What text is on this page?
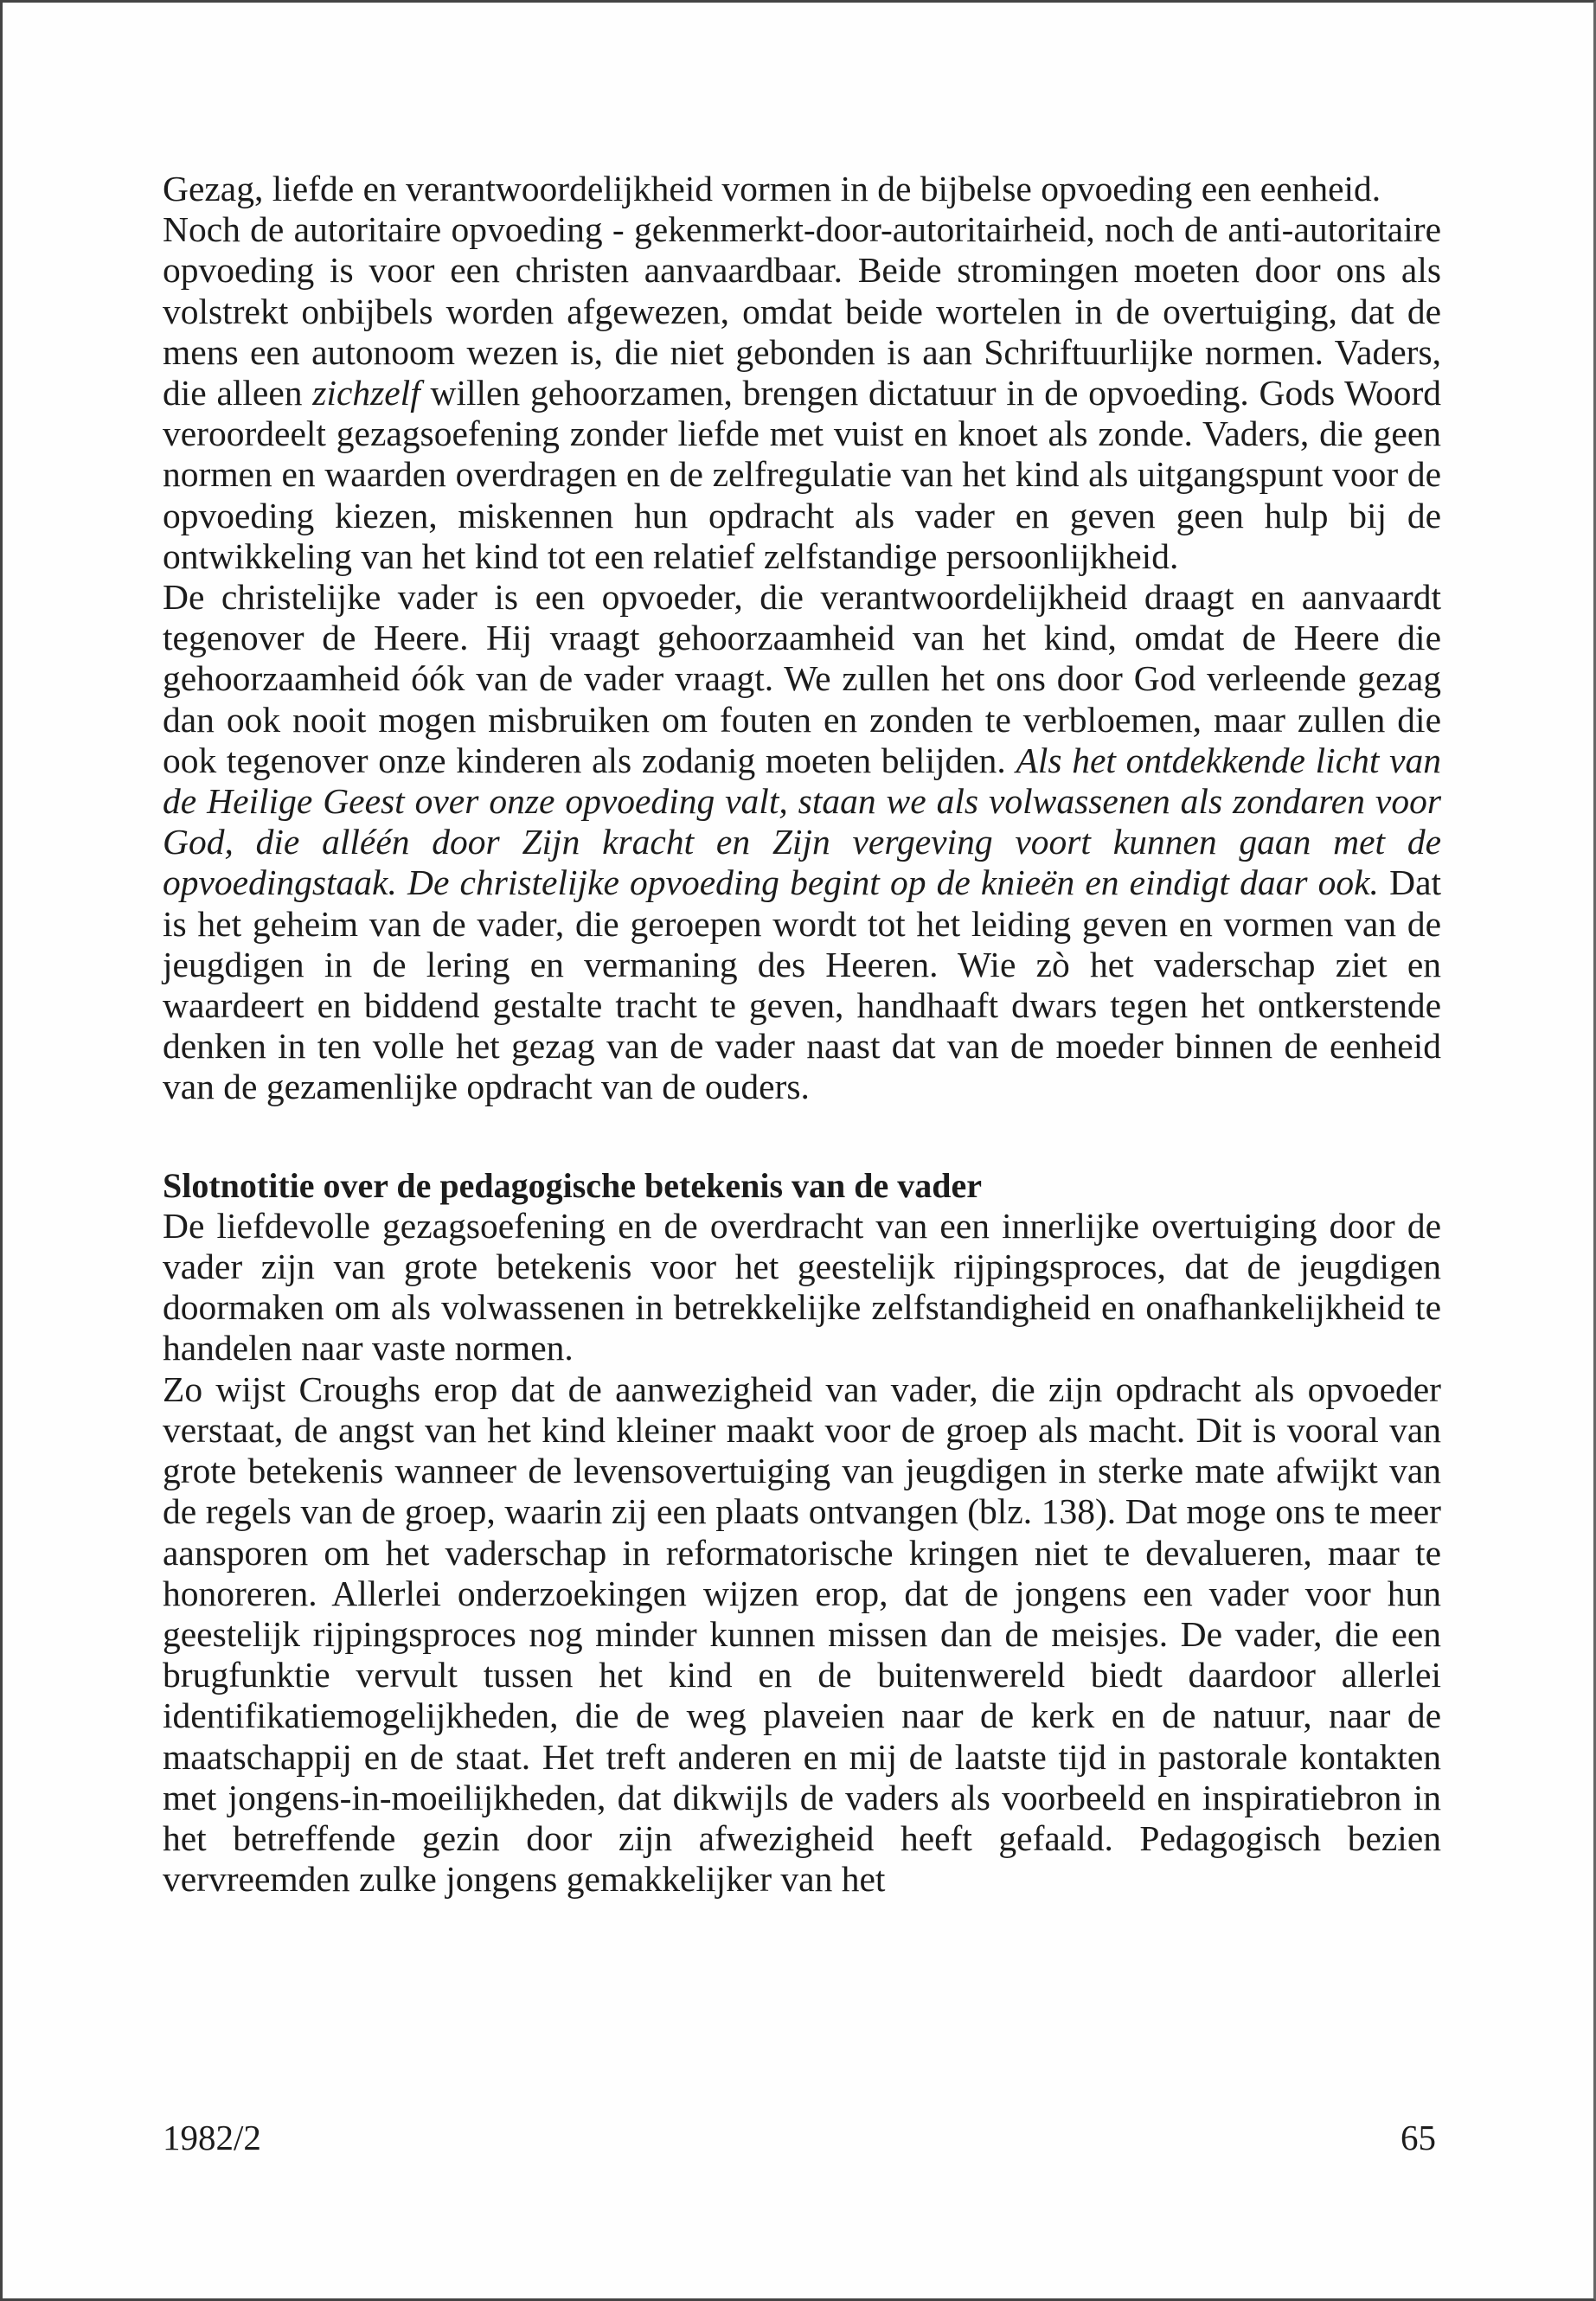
Gezag, liefde en verantwoordelijkheid vormen in de bijbelse opvoeding een eenheid.

Noch de autoritaire opvoeding - gekenmerkt-door-autoritairheid, noch de anti-autoritaire opvoeding is voor een christen aanvaardbaar. Beide stromingen moeten door ons als volstrekt onbijbels worden afgewezen, omdat beide wortelen in de overtuiging, dat de mens een autonoom wezen is, die niet gebonden is aan Schriftuurlijke normen. Vaders, die alleen zichzelf willen gehoorzamen, brengen dictatuur in de opvoeding. Gods Woord veroordeelt gezagsoefening zonder liefde met vuist en knoet als zonde. Vaders, die geen normen en waarden overdragen en de zelfregulatie van het kind als uitgangspunt voor de opvoeding kiezen, miskennen hun opdracht als vader en geven geen hulp bij de ontwikkeling van het kind tot een relatief zelfstandige persoonlijkheid.

De christelijke vader is een opvoeder, die verantwoordelijkheid draagt en aanvaardt tegenover de Heere. Hij vraagt gehoorzaamheid van het kind, omdat de Heere die gehoorzaamheid óók van de vader vraagt. We zullen het ons door God verleende gezag dan ook nooit mogen misbruiken om fouten en zonden te verbloemen, maar zullen die ook tegenover onze kinderen als zodanig moeten belijden. Als het ontdekkende licht van de Heilige Geest over onze opvoeding valt, staan we als volwassenen als zondaren voor God, die alléén door Zijn kracht en Zijn vergeving voort kunnen gaan met de opvoedingstaak. De christelijke opvoeding begint op de knieën en eindigt daar ook. Dat is het geheim van de vader, die geroepen wordt tot het leiding geven en vormen van de jeugdigen in de lering en vermaning des Heeren. Wie zò het vaderschap ziet en waardeert en biddend gestalte tracht te geven, handhaaft dwars tegen het ontkerstende denken in ten volle het gezag van de vader naast dat van de moeder binnen de eenheid van de gezamenlijke opdracht van de ouders.

Slotnotitie over de pedagogische betekenis van de vader

De liefdevolle gezagsoefening en de overdracht van een innerlijke overtuiging door de vader zijn van grote betekenis voor het geestelijk rijpingsproces, dat de jeugdigen doormaken om als volwassenen in betrekkelijke zelfstandigheid en onafhankelijkheid te handelen naar vaste normen.

Zo wijst Croughs erop dat de aanwezigheid van vader, die zijn opdracht als opvoeder verstaat, de angst van het kind kleiner maakt voor de groep als macht. Dit is vooral van grote betekenis wanneer de levensovertuiging van jeugdigen in sterke mate afwijkt van de regels van de groep, waarin zij een plaats ontvangen (blz. 138). Dat moge ons te meer aansporen om het vaderschap in reformatorische kringen niet te devalueren, maar te honoreren. Allerlei onderzoekingen wijzen erop, dat de jongens een vader voor hun geestelijk rijpingsproces nog minder kunnen missen dan de meisjes. De vader, die een brugfunktie vervult tussen het kind en de buitenwereld biedt daardoor allerlei identifikatiemogelijkheden, die de weg plaveien naar de kerk en de natuur, naar de maatschappij en de staat. Het treft anderen en mij de laatste tijd in pastorale kontakten met jongens-in-moeilijkheden, dat dikwijls de vaders als voorbeeld en inspiratiebron in het betreffende gezin door zijn afwezigheid heeft gefaald. Pedagogisch bezien vervreemden zulke jongens gemakkelijker van het

1982/2	65
